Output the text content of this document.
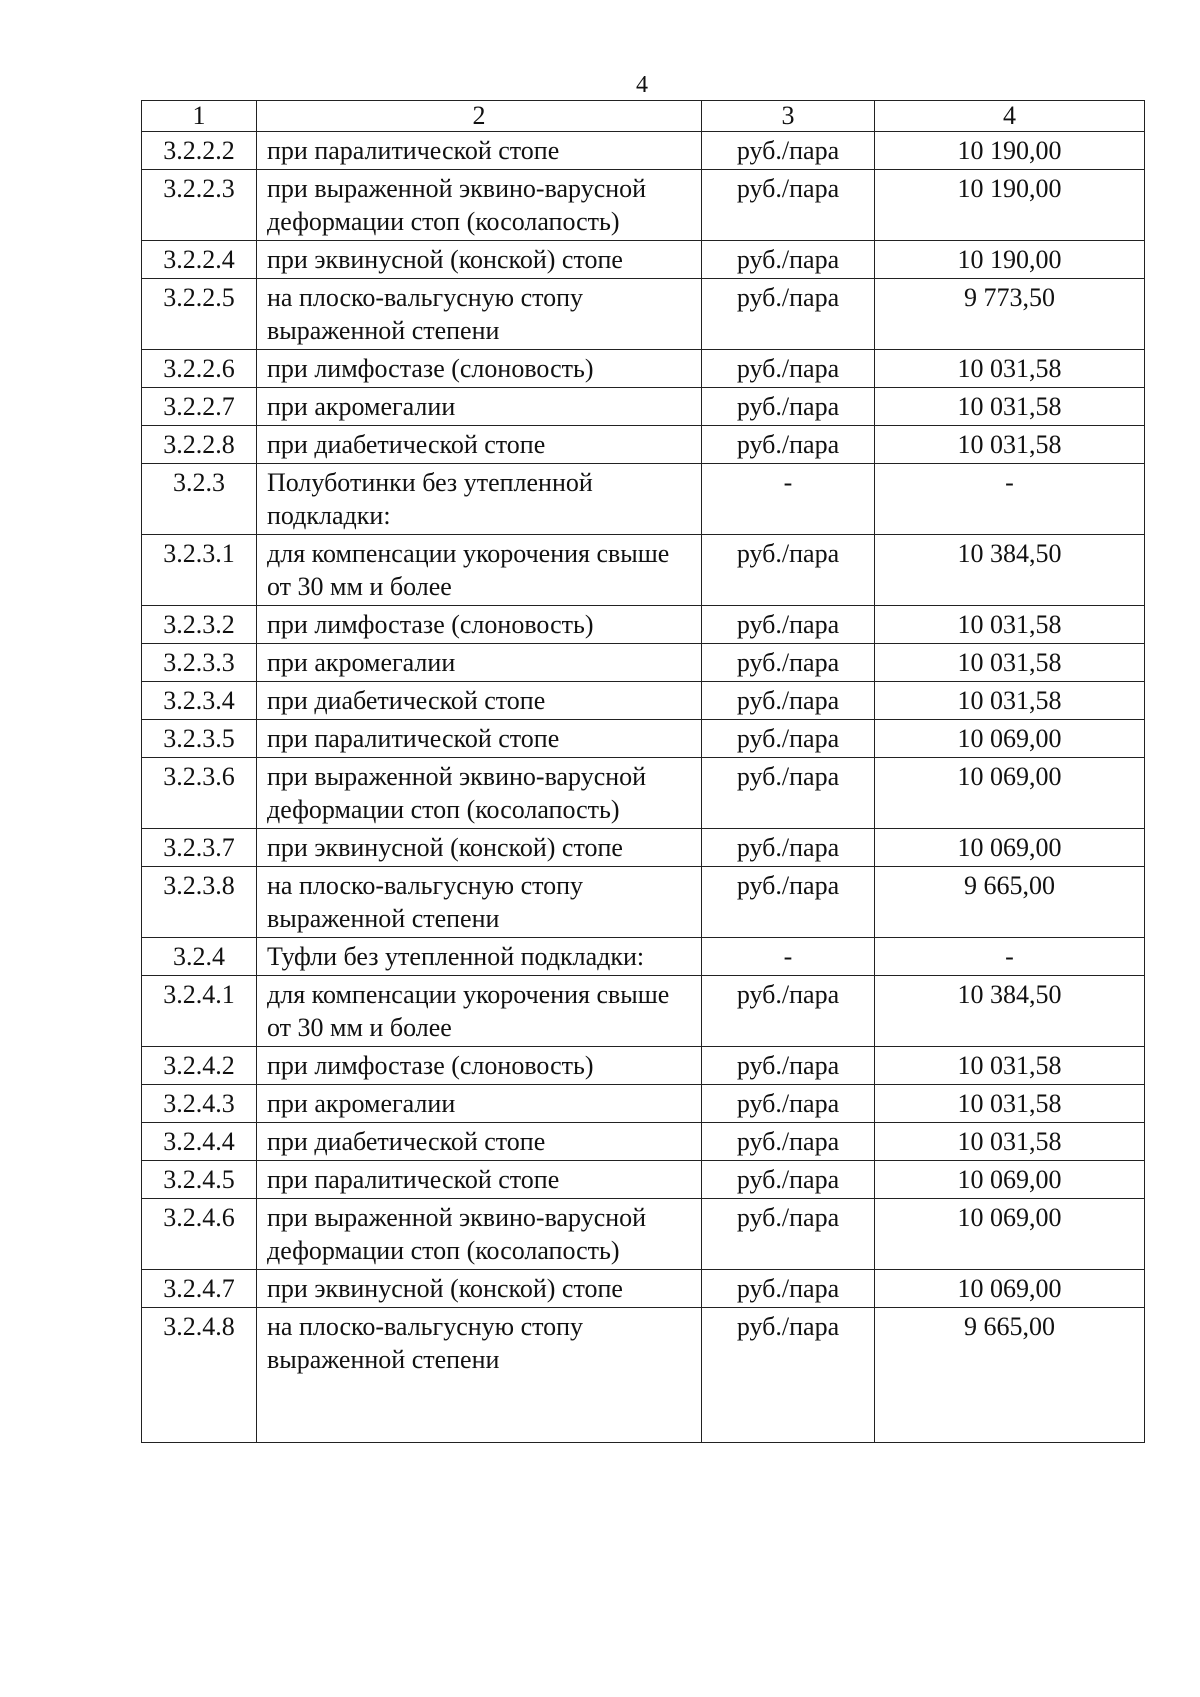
4
1	2	3	4
3.2.2.2	при паралитической стопе	руб./пара	10 190,00
3.2.2.3	при выраженной эквино-варусной деформации стоп (косолапость)	руб./пара	10 190,00
3.2.2.4	при эквинусной (конской) стопе	руб./пара	10 190,00
3.2.2.5	на плоско-вальгусную стопу выраженной степени	руб./пара	9 773,50
3.2.2.6	при лимфостазе (слоновость)	руб./пара	10 031,58
3.2.2.7	при акромегалии	руб./пара	10 031,58
3.2.2.8	при диабетической стопе	руб./пара	10 031,58
3.2.3	Полуботинки без утепленной подкладки:	-	-
3.2.3.1	для компенсации укорочения свыше от 30 мм и более	руб./пара	10 384,50
3.2.3.2	при лимфостазе (слоновость)	руб./пара	10 031,58
3.2.3.3	при акромегалии	руб./пара	10 031,58
3.2.3.4	при диабетической стопе	руб./пара	10 031,58
3.2.3.5	при паралитической стопе	руб./пара	10 069,00
3.2.3.6	при выраженной эквино-варусной деформации стоп (косолапость)	руб./пара	10 069,00
3.2.3.7	при эквинусной (конской) стопе	руб./пара	10 069,00
3.2.3.8	на плоско-вальгусную стопу выраженной степени	руб./пара	9 665,00
3.2.4	Туфли без утепленной подкладки:	-	-
3.2.4.1	для компенсации укорочения свыше от 30 мм и более	руб./пара	10 384,50
3.2.4.2	при лимфостазе (слоновость)	руб./пара	10 031,58
3.2.4.3	при акромегалии	руб./пара	10 031,58
3.2.4.4	при диабетической стопе	руб./пара	10 031,58
3.2.4.5	при паралитической стопе	руб./пара	10 069,00
3.2.4.6	при выраженной эквино-варусной деформации стоп (косолапость)	руб./пара	10 069,00
3.2.4.7	при эквинусной (конской) стопе	руб./пара	10 069,00
3.2.4.8	на плоско-вальгусную стопу выраженной степени	руб./пара	9 665,00
